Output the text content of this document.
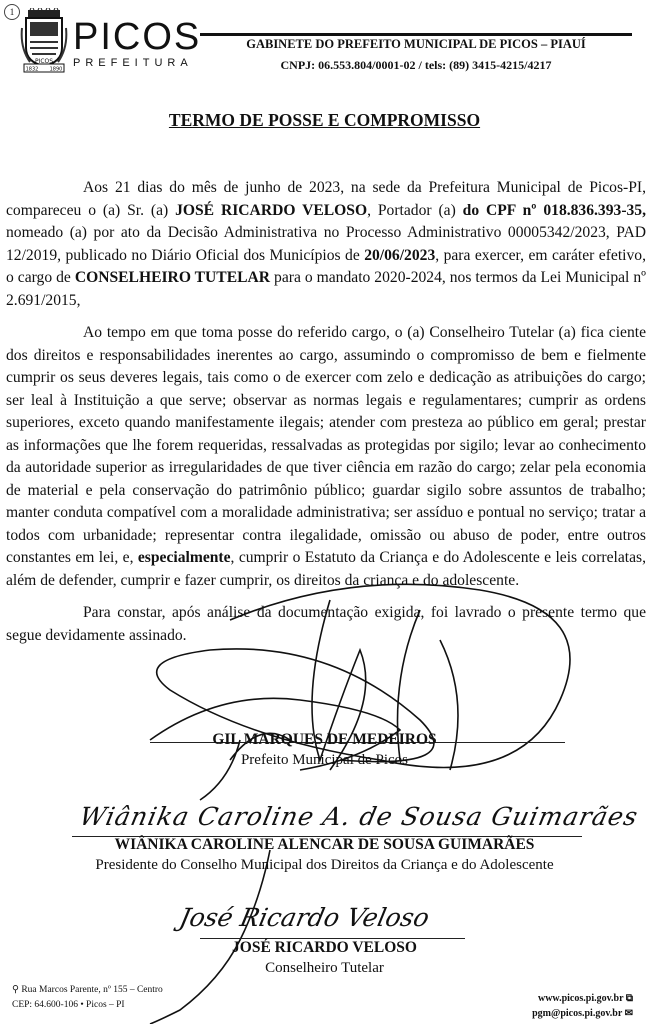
1
PICOS
1832 1890
PICOS
PREFEITURA
GABINETE DO PREFEITO MUNICIPAL DE PICOS – PIAUÍ
CNPJ: 06.553.804/0001-02 / tels: (89) 3415-4215/4217
TERMO DE POSSE E COMPROMISSO

Aos 21 dias do mês de junho de 2023, na sede da Prefeitura Municipal de Picos-PI, compareceu o (a) Sr. (a) JOSÉ RICARDO VELOSO, Portador (a) do CPF nº 018.836.393-35, nomeado (a) por ato da Decisão Administrativa no Processo Administrativo 00005342/2023, PAD 12/2019, publicado no Diário Oficial dos Municípios de 20/06/2023, para exercer, em caráter efetivo, o cargo de CONSELHEIRO TUTELAR para o mandato 2020-2024, nos termos da Lei Municipal nº 2.691/2015,

Ao tempo em que toma posse do referido cargo, o (a) Conselheiro Tutelar (a) fica ciente dos direitos e responsabilidades inerentes ao cargo, assumindo o compromisso de bem e fielmente cumprir os seus deveres legais, tais como o de exercer com zelo e dedicação as atribuições do cargo; ser leal à Instituição a que serve; observar as normas legais e regulamentares; cumprir as ordens superiores, exceto quando manifestamente ilegais; atender com presteza ao público em geral; prestar as informações que lhe forem requeridas, ressalvadas as protegidas por sigilo; levar ao conhecimento da autoridade superior as irregularidades de que tiver ciência em razão do cargo; zelar pela economia de material e pela conservação do patrimônio público; guardar sigilo sobre assuntos de trabalho; manter conduta compatível com a moralidade administrativa; ser assíduo e pontual no serviço; tratar a todos com urbanidade; representar contra ilegalidade, omissão ou abuso de poder, entre outros constantes em lei, e, especialmente, cumprir o Estatuto da Criança e do Adolescente e leis correlatas, além de defender, cumprir e fazer cumprir, os direitos da criança e do adolescente.

Para constar, após análise da documentação exigida, foi lavrado o presente termo que segue devidamente assinado.

GIL MARQUES DE MEDEIROS
Prefeito Municipal de Picos
Wiânika Caroline A. de Sousa Guimarães
WIÂNIKA CAROLINE ALENCAR DE SOUSA GUIMARÃES
Presidente do Conselho Municipal dos Direitos da Criança e do Adolescente
José Ricardo Veloso
JOSÉ RICARDO VELOSO
Conselheiro Tutelar
⚲ Rua Marcos Parente, nº 155 – Centro
CEP: 64.600-106 • Picos – PI
www.picos.pi.gov.br ⧉
pgm@picos.pi.gov.br ✉
